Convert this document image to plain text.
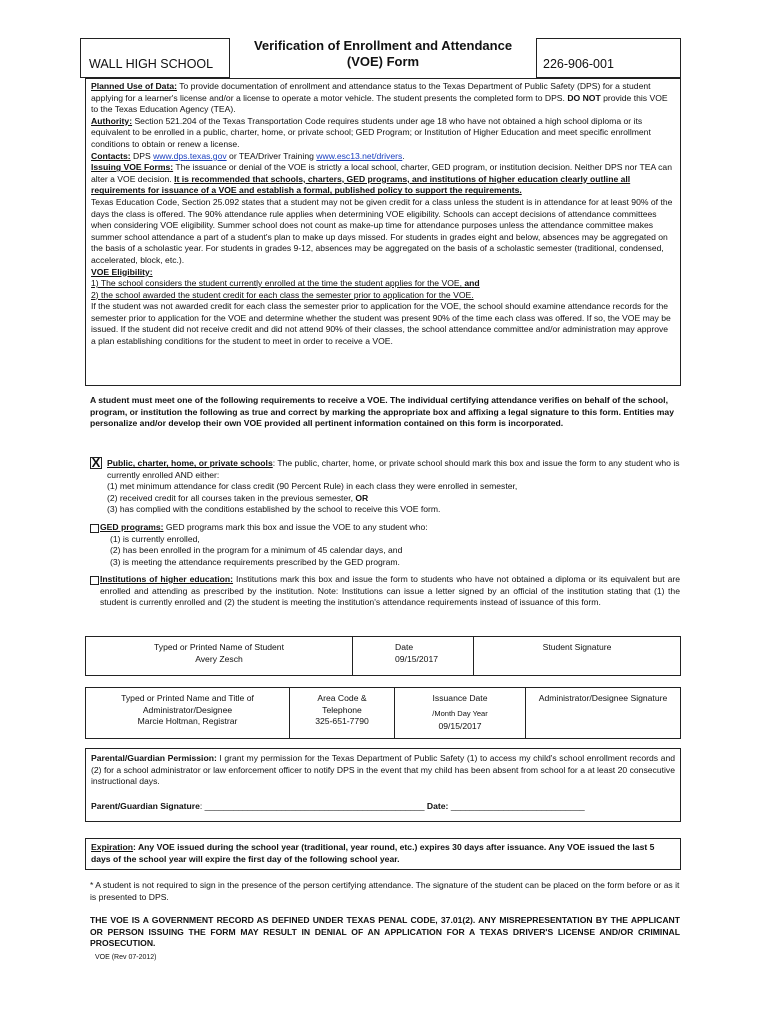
WALL HIGH SCHOOL
Verification of Enrollment and Attendance
(VOE) Form	226-906-001

Planned Use of Data: To provide documentation of enrollment and attendance status to the Texas Department of Public Safety (DPS) for a student applying for a learner's license and/or a license to operate a motor vehicle. The student presents the completed form to DPS. DO NOT provide this VOE to the Texas Education Agency (TEA).

Authority: Section 521.204 of the Texas Transportation Code requires students under age 18 who have not obtained a high school diploma or its equivalent to be enrolled in a public, charter, home, or private school; GED Program; or Institution of Higher Education and meet specific enrollment conditions to obtain or renew a license.

Contacts: DPS www.dps.texas.gov or TEA/Driver Training www.esc13.net/drivers.

Issuing VOE Forms: The issuance or denial of the VOE is strictly a local school, charter, GED program, or institution decision. Neither DPS nor TEA can alter a VOE decision. It is recommended that schools, charters, GED programs, and institutions of higher education clearly outline all requirements for issuance of a VOE and establish a formal, published policy to support the requirements.

Texas Education Code, Section 25.092 states that a student may not be given credit for a class unless the student is in attendance for at least 90% of the days the class is offered. The 90% attendance rule applies when determining VOE eligibility. Schools can accept decisions of attendance committees when considering VOE eligibility. Summer school does not count as make-up time for attendance purposes unless the attendance committee makes summer school attendance a part of a student's plan to make up days missed. For students in grades eight and below, absences may be aggregated on the basis of a scholastic year. For students in grades 9-12, absences may be aggregated on the basis of a scholastic semester (traditional, condensed, accelerated, block, etc.).

VOE Eligibility:

1) The school considers the student currently enrolled at the time the student applies for the VOE, and

2) the school awarded the student credit for each class the semester prior to application for the VOE.

If the student was not awarded credit for each class the semester prior to application for the VOE, the school should examine attendance records for the semester prior to application for the VOE and determine whether the student was present 90% of the time each class was offered. If so, the VOE may be issued. If the student did not receive credit and did not attend 90% of their classes, the school attendance committee and/or administration may approve a plan establishing conditions for the student to meet in order to receive a VOE.

A student must meet one of the following requirements to receive a VOE. The individual certifying attendance verifies on behalf of the school, program, or institution the following as true and correct by marking the appropriate box and affixing a legal signature to this form. Entities may personalize and/or develop their own VOE provided all pertinent information contained on this form is incorporated.
X Public, charter, home, or private schools: The public, charter, home, or private school should mark this box and issue the form to any student who is currently enrolled AND either:
(1) met minimum attendance for class credit (90 Percent Rule) in each class they were enrolled in semester,
(2) received credit for all courses taken in the previous semester, OR
(3) has complied with the conditions established by the school to receive this VOE form.
GED programs: GED programs mark this box and issue the VOE to any student who:
(1) is currently enrolled,
(2) has been enrolled in the program for a minimum of 45 calendar days, and
(3) is meeting the attendance requirements prescribed by the GED program.
Institutions of higher education: Institutions mark this box and issue the form to students who have not obtained a diploma or its equivalent but are enrolled and attending as prescribed by the institution. Note: Institutions can issue a letter signed by an official of the institution stating that (1) the student is currently enrolled and (2) the student is meeting the institution's attendance requirements instead of issuance of this form.
Typed or Printed Name of Student
Avery Zesch
Date
09/15/2017
Student Signature
Typed or Printed Name and Title of Administrator/Designee
Marcie Holtman, Registrar
Area Code & Telephone
325-651-7790
Issuance Date
/Month Day Year
09/15/2017
Administrator/Designee Signature
Parental/Guardian Permission: I grant my permission for the Texas Department of Public Safety (1) to access my child's school enrollment records and (2) for a school administrator or law enforcement officer to notify DPS in the event that my child has been absent from school for a at least 20 consecutive instructional days.
Parent/Guardian Signature: ______________________________________________ Date: ____________________________
Expiration: Any VOE issued during the school year (traditional, year round, etc.) expires 30 days after issuance. Any VOE issued the last 5 days of the school year will expire the first day of the following school year.
* A student is not required to sign in the presence of the person certifying attendance. The signature of the student can be placed on the form before or as it is presented to DPS.
THE VOE IS A GOVERNMENT RECORD AS DEFINED UNDER TEXAS PENAL CODE, 37.01(2). ANY MISREPRESENTATION BY THE APPLICANT OR PERSON ISSUING THE FORM MAY RESULT IN DENIAL OF AN APPLICATION FOR A TEXAS DRIVER'S LICENSE AND/OR CRIMINAL PROSECUTION.
VOE (Rev 07-2012)
